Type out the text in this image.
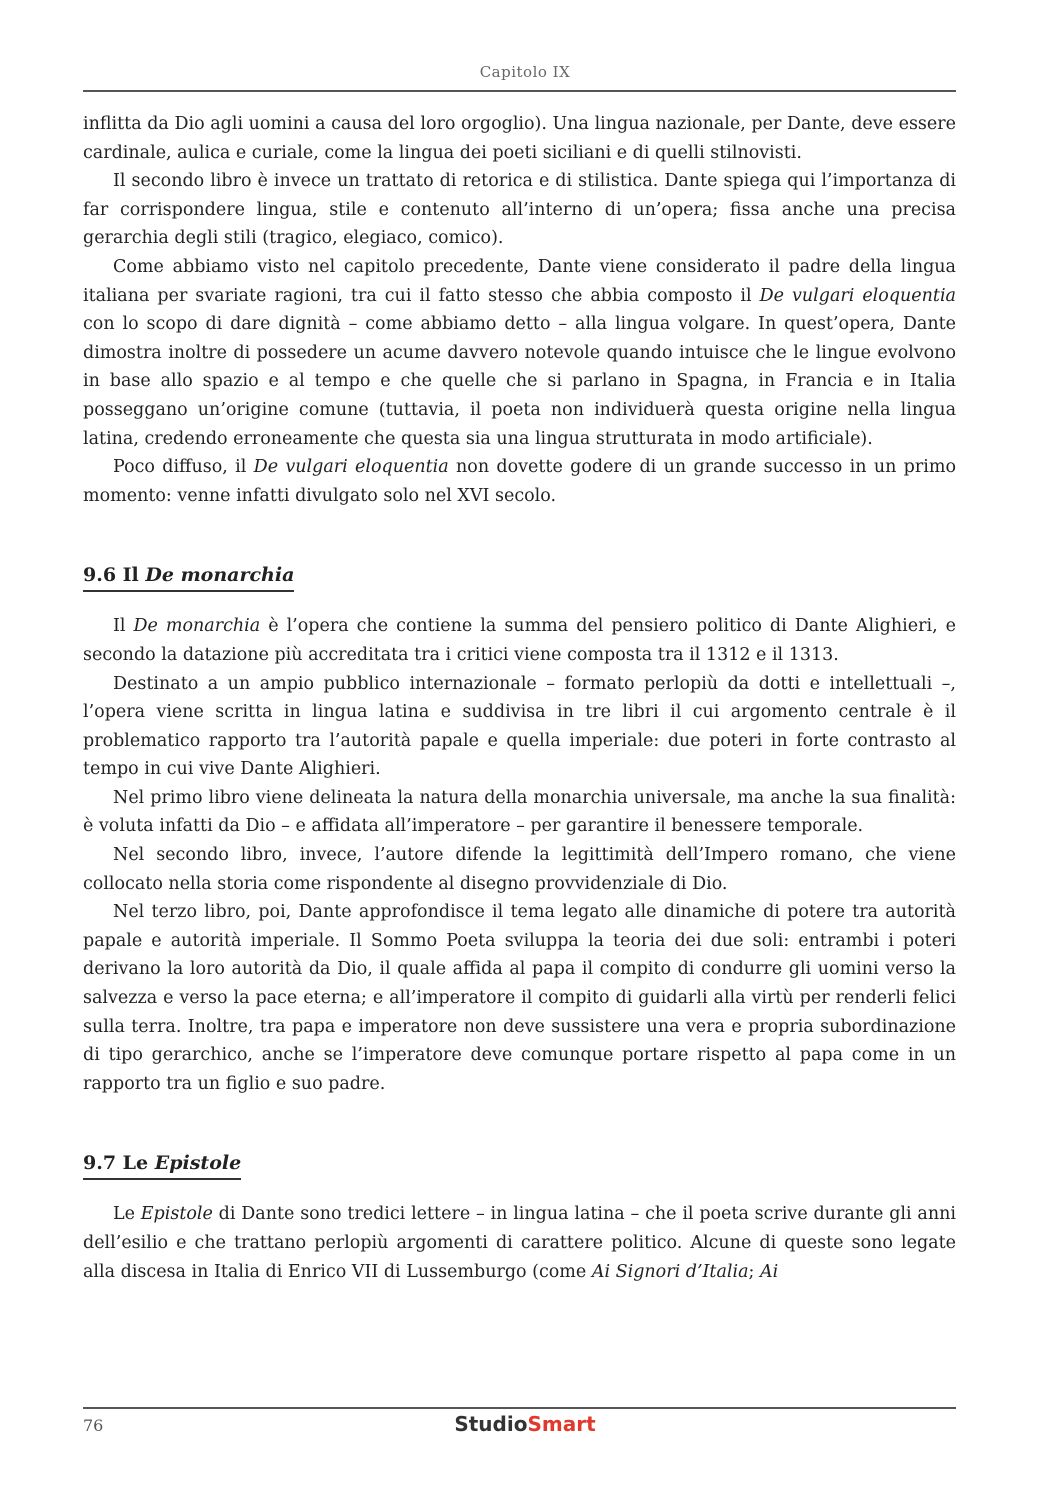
Capitolo IX

inflitta da Dio agli uomini a causa del loro orgoglio). Una lingua nazionale, per Dante, deve essere cardinale, aulica e curiale, come la lingua dei poeti siciliani e di quelli stilnovisti.

Il secondo libro è invece un trattato di retorica e di stilistica. Dante spiega qui l’importanza di far corrispondere lingua, stile e contenuto all’interno di un’opera; fissa anche una precisa gerarchia degli stili (tragico, elegiaco, comico).

Come abbiamo visto nel capitolo precedente, Dante viene considerato il padre della lingua italiana per svariate ragioni, tra cui il fatto stesso che abbia composto il De vulgari eloquentia con lo scopo di dare dignità – come abbiamo detto – alla lingua volgare. In quest’opera, Dante dimostra inoltre di possedere un acume davvero notevole quando intuisce che le lingue evolvono in base allo spazio e al tempo e che quelle che si parlano in Spagna, in Francia e in Italia posseggano un’origine comune (tuttavia, il poeta non individuerà questa origine nella lingua latina, credendo erroneamente che questa sia una lingua strutturata in modo artificiale).

Poco diffuso, il De vulgari eloquentia non dovette godere di un grande successo in un primo momento: venne infatti divulgato solo nel XVI secolo.

9.6 Il De monarchia

Il De monarchia è l’opera che contiene la summa del pensiero politico di Dante Alighieri, e secondo la datazione più accreditata tra i critici viene composta tra il 1312 e il 1313.

Destinato a un ampio pubblico internazionale – formato perlopiù da dotti e intellettuali –, l’opera viene scritta in lingua latina e suddivisa in tre libri il cui argomento centrale è il problematico rapporto tra l’autorità papale e quella imperiale: due poteri in forte contrasto al tempo in cui vive Dante Alighieri.

Nel primo libro viene delineata la natura della monarchia universale, ma anche la sua finalità: è voluta infatti da Dio – e affidata all’imperatore – per garantire il benessere temporale.

Nel secondo libro, invece, l’autore difende la legittimità dell’Impero romano, che viene collocato nella storia come rispondente al disegno provvidenziale di Dio.

Nel terzo libro, poi, Dante approfondisce il tema legato alle dinamiche di potere tra autorità papale e autorità imperiale. Il Sommo Poeta sviluppa la teoria dei due soli: entrambi i poteri derivano la loro autorità da Dio, il quale affida al papa il compito di condurre gli uomini verso la salvezza e verso la pace eterna; e all’imperatore il compito di guidarli alla virtù per renderli felici sulla terra. Inoltre, tra papa e imperatore non deve sussistere una vera e propria subordinazione di tipo gerarchico, anche se l’imperatore deve comunque portare rispetto al papa come in un rapporto tra un figlio e suo padre.

9.7 Le Epistole

Le Epistole di Dante sono tredici lettere – in lingua latina – che il poeta scrive durante gli anni dell’esilio e che trattano perlopiù argomenti di carattere politico. Alcune di queste sono legate alla discesa in Italia di Enrico VII di Lussemburgo (come Ai Signori d’Italia; Ai

76	StudioSmart
